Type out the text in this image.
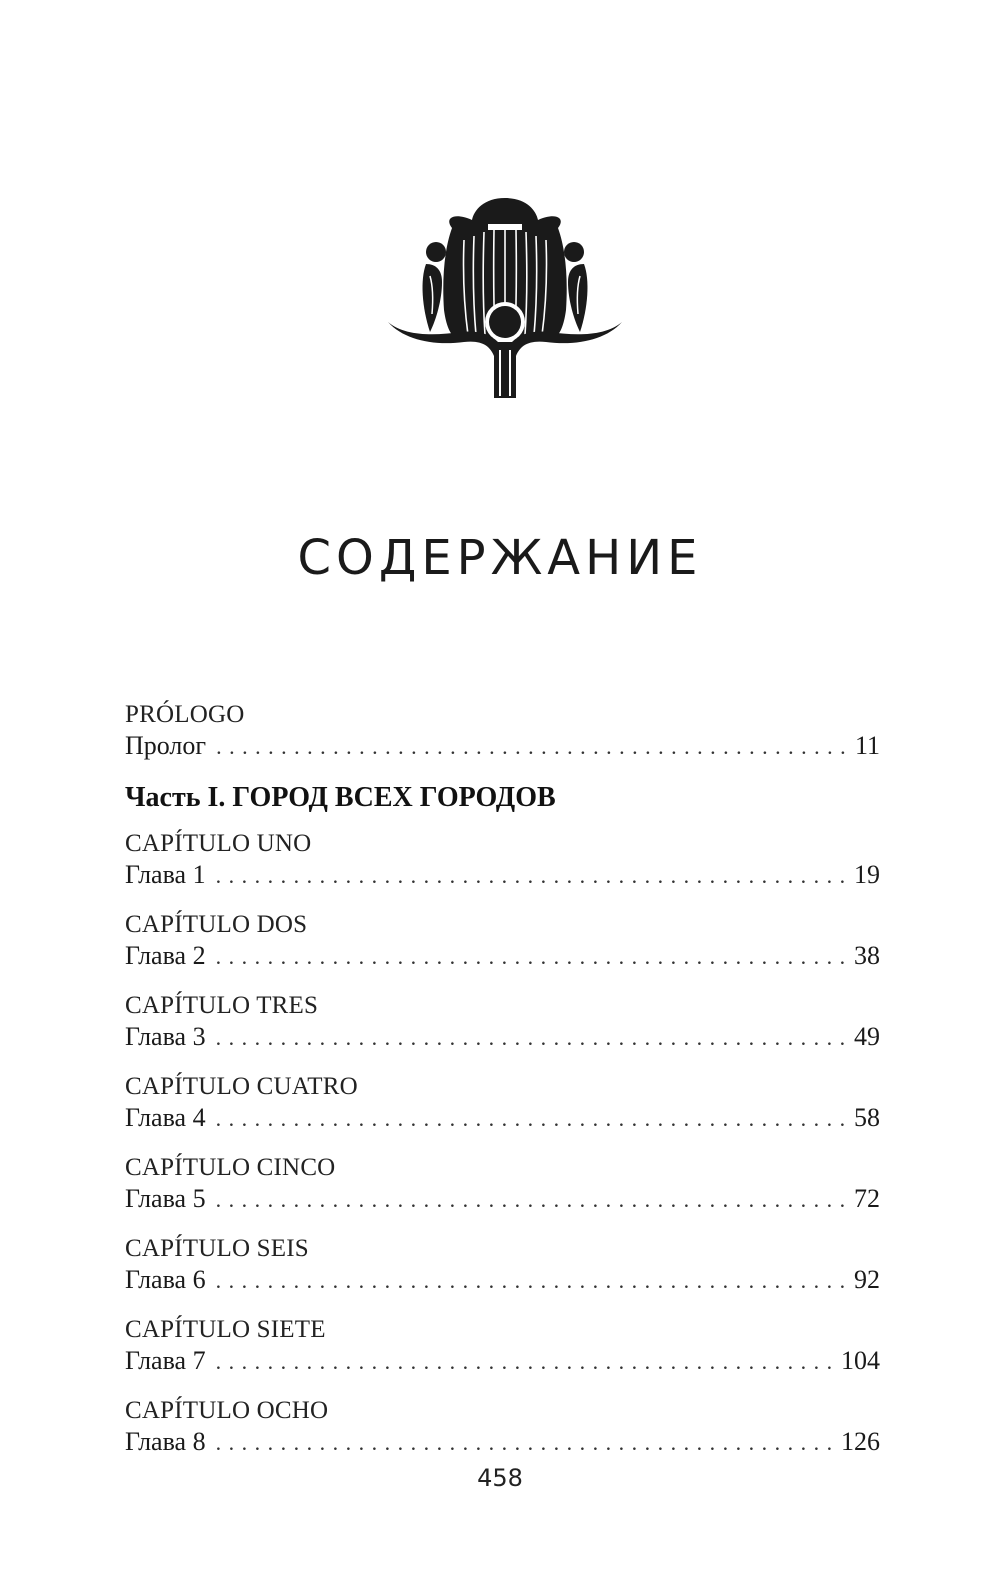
СОДЕРЖАНИЕ
PRÓLOGO
Пролог . . .	11
Часть I. ГОРОД ВСЕХ ГОРОДОВ
CAPÍTULO UNO
Глава 1 . . .	19
CAPÍTULO DOS
Глава 2 . . .	38
CAPÍTULO TRES
Глава 3 . . .	49
CAPÍTULO CUATRO
Глава 4 . . .	58
CAPÍTULO CINCO
Глава 5 . . .	72
CAPÍTULO SEIS
Глава 6 . . .	92
CAPÍTULO SIETE
Глава 7 . . .	104
CAPÍTULO OCHO
Глава 8 . . .	126
458
